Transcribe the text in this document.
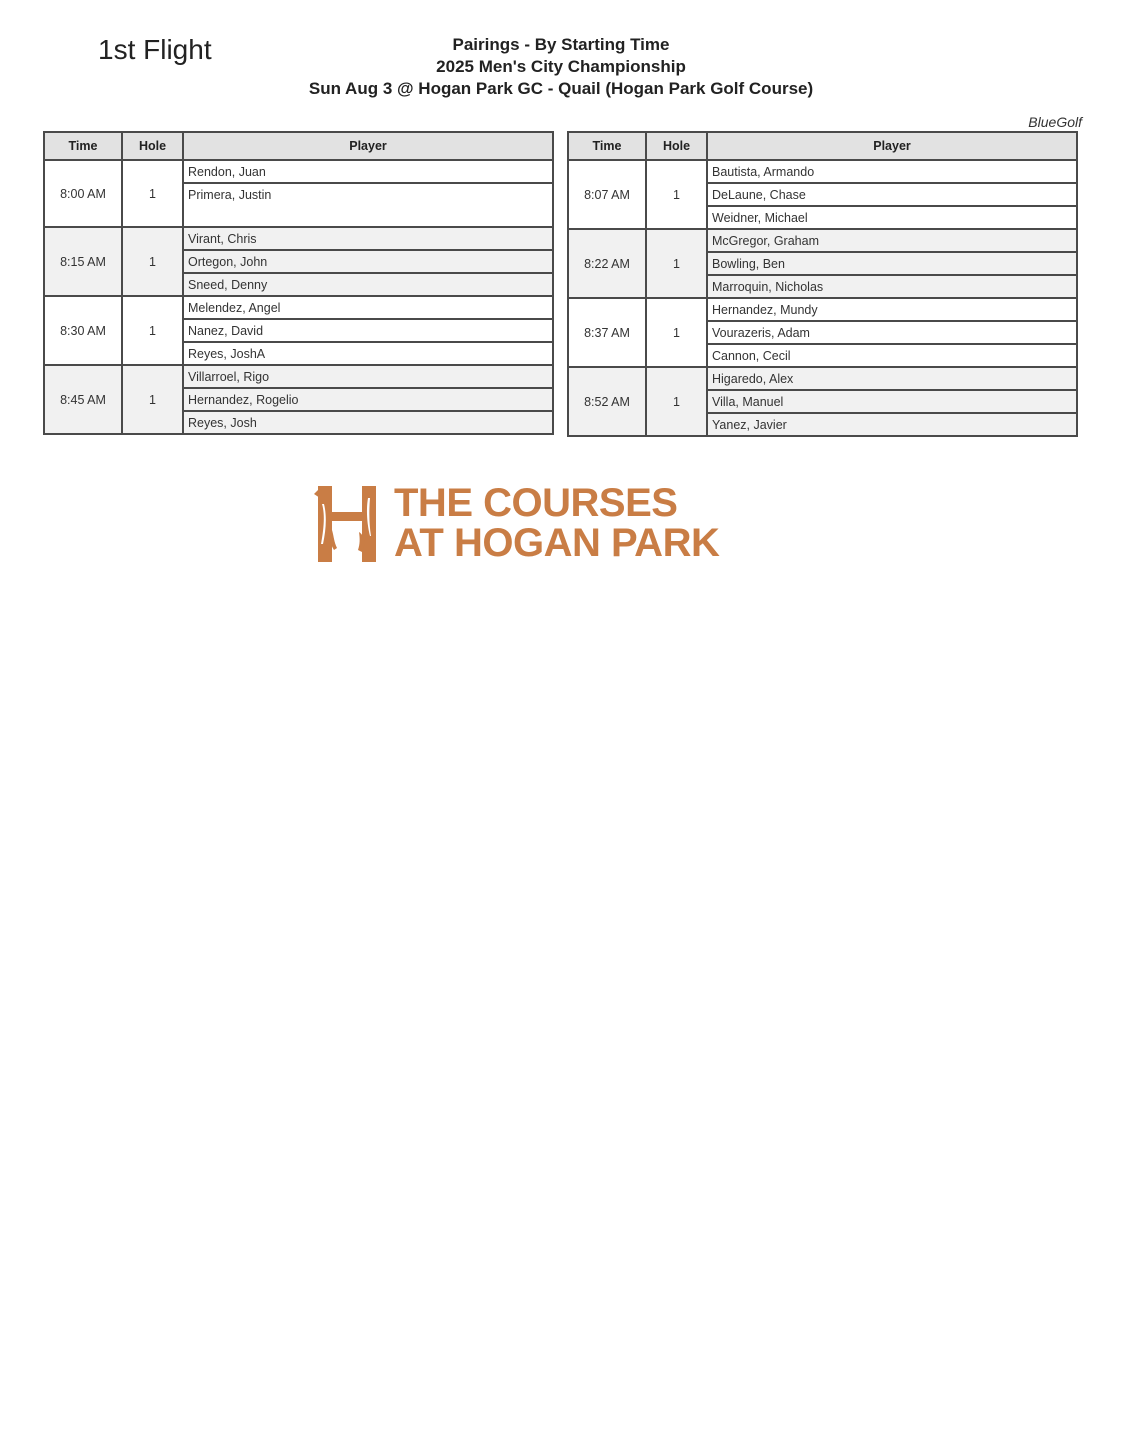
1st Flight	Pairings - By Starting Time
2025 Men's City Championship
Sun Aug 3 @ Hogan Park GC - Quail (Hogan Park Golf Course)
BlueGolf
Time	Hole	Player
8:00 AM	1	Rendon, Juan
		Primera, Justin

8:15 AM	1	Virant, Chris
		Ortegon, John
		Sneed, Denny
8:30 AM	1	Melendez, Angel
		Nanez, David
		Reyes, JoshA
8:45 AM	1	Villarroel, Rigo
		Hernandez, Rogelio
		Reyes, Josh
Time	Hole	Player
8:07 AM	1	Bautista, Armando
		DeLaune, Chase
		Weidner, Michael
8:22 AM	1	McGregor, Graham
		Bowling, Ben
		Marroquin, Nicholas
8:37 AM	1	Hernandez, Mundy
		Vourazeris, Adam
		Cannon, Cecil
8:52 AM	1	Higaredo, Alex
		Villa, Manuel
		Yanez, Javier
THE COURSES
AT HOGAN PARK
